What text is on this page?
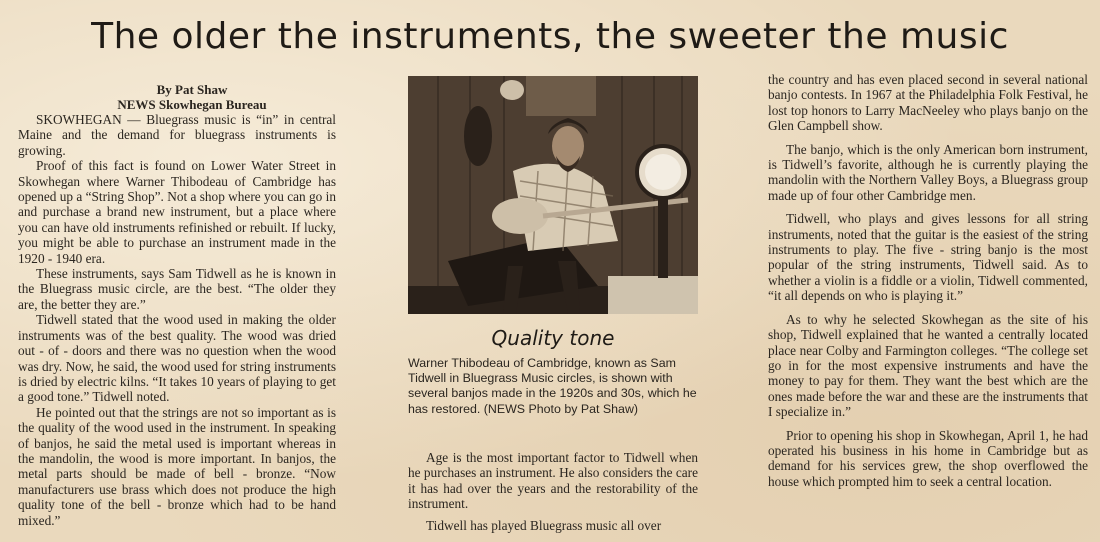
The older the instruments, the sweeter the music
By Pat Shaw
NEWS Skowhegan Bureau

SKOWHEGAN — Bluegrass music is “in” in central Maine and the demand for bluegrass instruments is growing.

Proof of this fact is found on Lower Water Street in Skowhegan where Warner Thibodeau of Cambridge has opened up a “String Shop”. Not a shop where you can go in and purchase a brand new instrument, but a place where you can have old instruments refinished or rebuilt. If lucky, you might be able to purchase an instrument made in the 1920 - 1940 era.

These instruments, says Sam Tidwell as he is known in the Bluegrass music circle, are the best. “The older they are, the better they are.”

Tidwell stated that the wood used in making the older instruments was of the best quality. The wood was dried out - of - doors and there was no question when the wood was dry. Now, he said, the wood used for string instruments is dried by electric kilns. “It takes 10 years of playing to get a good tone.” Tidwell noted.

He pointed out that the strings are not so important as is the quality of the wood used in the instrument. In speaking of banjos, he said the metal used is important whereas in the mandolin, the wood is more important. In banjos, the metal parts should be made of bell - bronze. “Now manufacturers use brass which does not produce the high quality tone of the bell - bronze which had to be hand mixed.”

Quality tone
Warner Thibodeau of Cambridge, known as Sam Tidwell in Bluegrass Music circles, is shown with several banjos made in the 1920s and 30s, which he has restored. (NEWS Photo by Pat Shaw)

Age is the most important factor to Tidwell when he purchases an instrument. He also considers the care it has had over the years and the restorability of the instrument.

Tidwell has played Bluegrass music all over

the country and has even placed second in several national banjo contests. In 1967 at the Philadelphia Folk Festival, he lost top honors to Larry MacNeeley who plays banjo on the Glen Campbell show.

The banjo, which is the only American born instrument, is Tidwell’s favorite, although he is currently playing the mandolin with the Northern Valley Boys, a Bluegrass group made up of four other Cambridge men.

Tidwell, who plays and gives lessons for all string instruments, noted that the guitar is the easiest of the string instruments to play. The five - string banjo is the most popular of the string instruments, Tidwell said. As to whether a violin is a fiddle or a violin, Tidwell commented, “it all depends on who is playing it.”

As to why he selected Skowhegan as the site of his shop, Tidwell explained that he wanted a centrally located place near Colby and Farmington colleges. “The college set go in for the most expensive instruments and have the money to pay for them. They want the best which are the ones made before the war and these are the instruments that I specialize in.”

Prior to opening his shop in Skowhegan, April 1, he had operated his business in his home in Cambridge but as demand for his services grew, the shop overflowed the house which prompted him to seek a central location.
